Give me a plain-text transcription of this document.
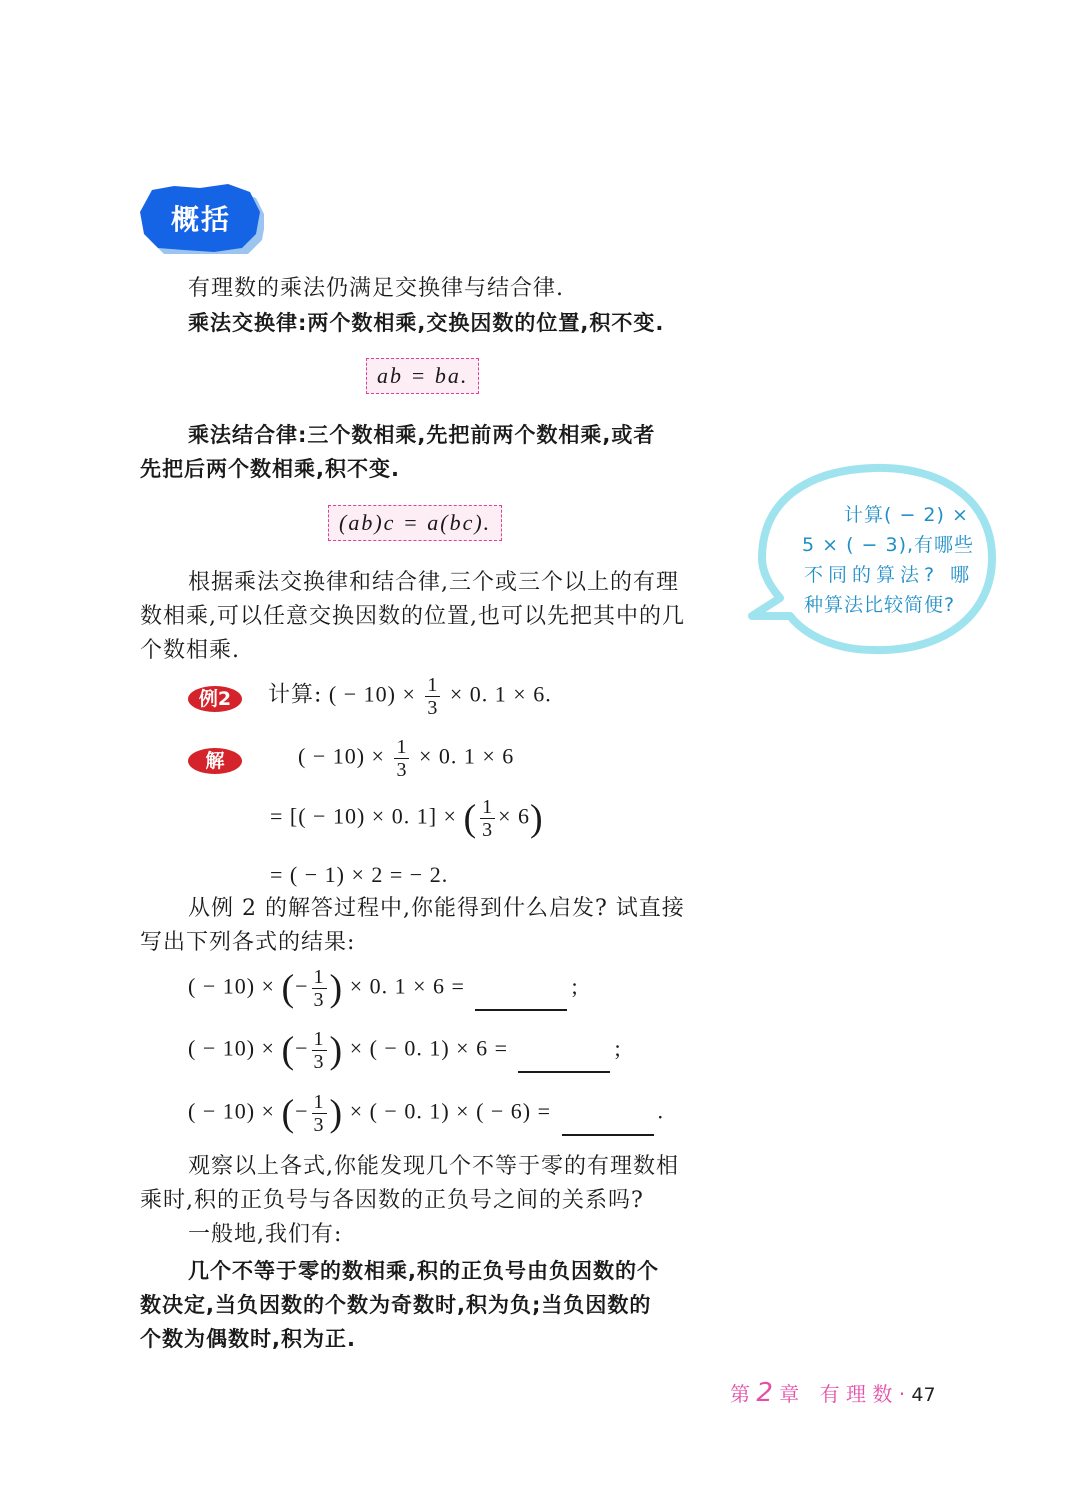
概括
有理数的乘法仍满足交换律与结合律.
乘法交换律:两个数相乘,交换因数的位置,积不变.
ab = ba.
乘法结合律:三个数相乘,先把前两个数相乘,或者
先把后两个数相乘,积不变.
(ab)c = a(bc).
根据乘法交换律和结合律,三个或三个以上的有理
数相乘,可以任意交换因数的位置,也可以先把其中的几
个数相乘.
例2	计算: ( − $10) \times \frac{1}{3} \times 0$. 1 × 6.
解	( − $10) \times \frac{1}{3} \times 0$. 1 × 6
= [( − 10) × 0. 1] × ( $\frac{1}{3} \times 6$)
= ( − 1) × 2 = − 2.
从例 2 的解答过程中,你能得到什么启发? 试直接
写出下列各式的结果:
( − 10) × (− $\frac{1}{3}$ ) × 0. 1 × 6 =	;
( − 10) × (− $\frac{1}{3}$ ) × ( − 0. 1) × 6 =	;
( − 10) × (− $\frac{1}{3}$ ) × ( − 0. 1) × ( − 6) =	.
观察以上各式,你能发现几个不等于零的有理数相
乘时,积的正负号与各因数的正负号之间的关系吗?
一般地,我们有:
几个不等于零的数相乘,积的正负号由负因数的个
数决定,当负因数的个数为奇数时,积为负;当负因数的
个数为偶数时,积为正.
计算( − 2) ×
5 × ( − 3),有哪些
不同的算法? 哪
种算法比较简便?
第 2 章 有 理 数 · 47
